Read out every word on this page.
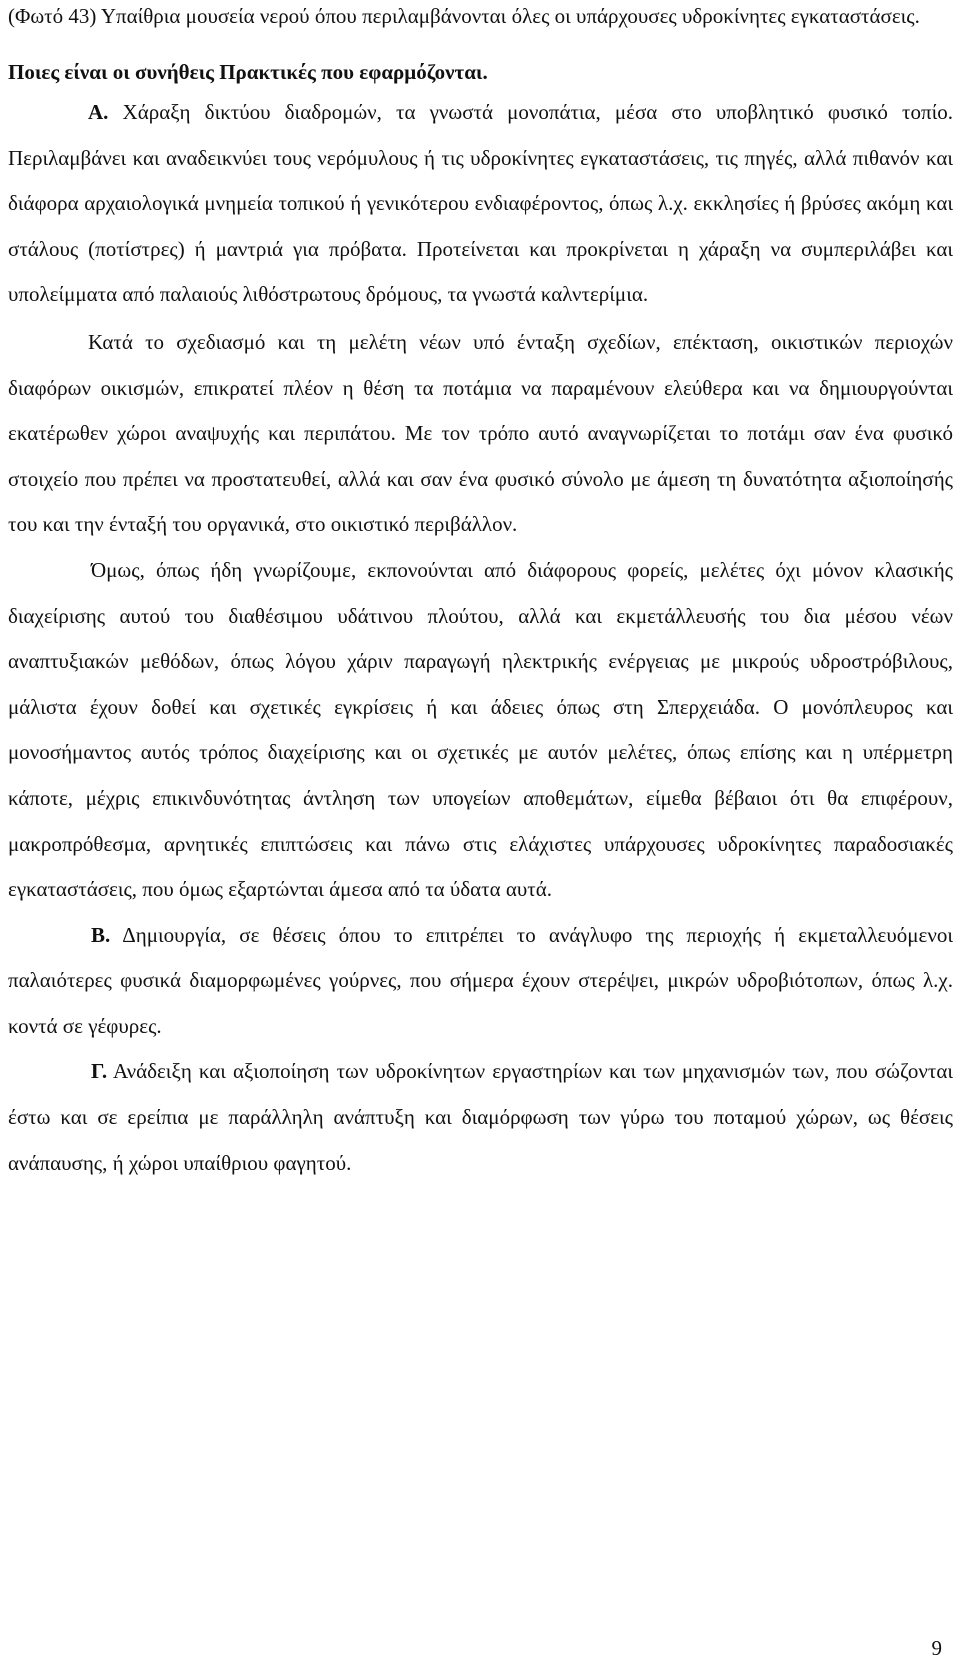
(Φωτό 43) Υπαίθρια μουσεία νερού όπου περιλαμβάνονται όλες οι υπάρχουσες υδροκίνητες εγκαταστάσεις.

Ποιες είναι οι συνήθεις Πρακτικές που εφαρμόζονται.

Α. Χάραξη δικτύου διαδρομών, τα γνωστά μονοπάτια, μέσα στο υποβλητικό φυσικό τοπίο. Περιλαμβάνει και αναδεικνύει τους νερόμυλους ή τις υδροκίνητες εγκαταστάσεις, τις πηγές, αλλά πιθανόν και διάφορα αρχαιολογικά μνημεία τοπικού ή γενικότερου ενδιαφέροντος, όπως λ.χ. εκκλησίες ή βρύσες ακόμη και στάλους (ποτίστρες) ή μαντριά για πρόβατα. Προτείνεται και προκρίνεται η χάραξη να συμπεριλάβει και υπολείμματα από παλαιούς λιθόστρωτους δρόμους, τα γνωστά καλντερίμια.

Κατά το σχεδιασμό και τη μελέτη νέων υπό ένταξη σχεδίων, επέκταση, οικιστικών περιοχών διαφόρων οικισμών, επικρατεί πλέον η θέση τα ποτάμια να παραμένουν ελεύθερα και να δημιουργούνται εκατέρωθεν χώροι αναψυχής και περιπάτου. Με τον τρόπο αυτό αναγνωρίζεται το ποτάμι σαν ένα φυσικό στοιχείο που πρέπει να προστατευθεί, αλλά και σαν ένα φυσικό σύνολο με άμεση τη δυνατότητα αξιοποίησής του και την ένταξή του οργανικά, στο οικιστικό περιβάλλον.

Όμως, όπως ήδη γνωρίζουμε, εκπονούνται από διάφορους φορείς, μελέτες όχι μόνον κλασικής διαχείρισης αυτού του διαθέσιμου υδάτινου πλούτου, αλλά και εκμετάλλευσής του δια μέσου νέων αναπτυξιακών μεθόδων, όπως λόγου χάριν παραγωγή ηλεκτρικής ενέργειας με μικρούς υδροστρόβιλους, μάλιστα έχουν δοθεί και σχετικές εγκρίσεις ή και άδειες όπως στη Σπερχειάδα. Ο μονόπλευρος και μονοσήμαντος αυτός τρόπος διαχείρισης και οι σχετικές με αυτόν μελέτες, όπως επίσης και η υπέρμετρη κάποτε, μέχρις επικινδυνότητας άντληση των υπογείων αποθεμάτων, είμεθα βέβαιοι ότι θα επιφέρουν, μακροπρόθεσμα, αρνητικές επιπτώσεις και πάνω στις ελάχιστες υπάρχουσες υδροκίνητες παραδοσιακές εγκαταστάσεις, που όμως εξαρτώνται άμεσα από τα ύδατα αυτά.

Β. Δημιουργία, σε θέσεις όπου το επιτρέπει το ανάγλυφο της περιοχής ή εκμεταλλευόμενοι παλαιότερες φυσικά διαμορφωμένες γούρνες, που σήμερα έχουν στερέψει, μικρών υδροβιότοπων, όπως λ.χ. κοντά σε γέφυρες.

Γ. Ανάδειξη και αξιοποίηση των υδροκίνητων εργαστηρίων και των μηχανισμών των, που σώζονται έστω και σε ερείπια με παράλληλη ανάπτυξη και διαμόρφωση των γύρω του ποταμού χώρων, ως θέσεις ανάπαυσης, ή χώροι υπαίθριου φαγητού.

9
